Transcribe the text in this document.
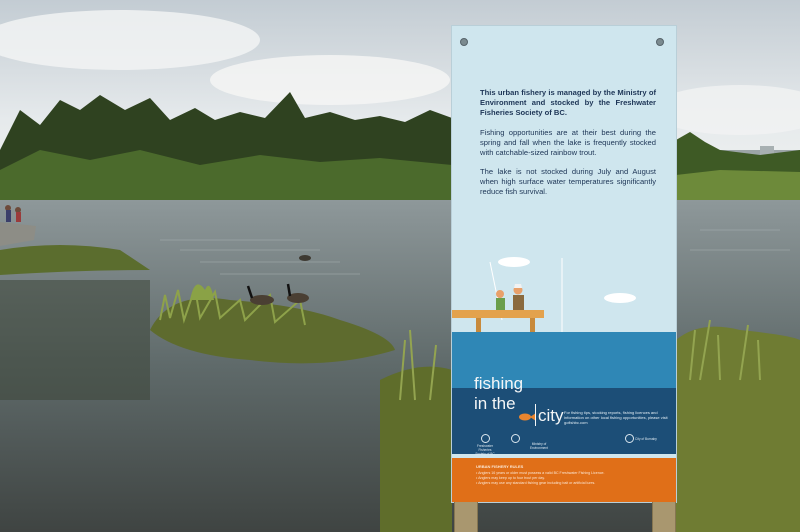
This urban fishery is managed by the Ministry of Environment and stocked by the Freshwater Fisheries Society of BC.

Fishing opportunities are at their best during the spring and fall when the lake is frequently stocked with catchable-sized rainbow trout.

The lake is not stocked during July and August when high surface water temperatures significantly reduce fish survival.

fishing
in the
city For fishing tips, stocking reports, fishing licences and information on other local fishing opportunities, please visit gofishbc.com
Freshwater Fisheries Society of BC
Ministry of Environment
City of Burnaby
URBAN FISHERY RULES
• Anglers 16 years or older must possess a valid BC Freshwater Fishing Licence.
• Anglers may keep up to four trout per day.
• Anglers may use any standard fishing gear including bait or artificial lures.
